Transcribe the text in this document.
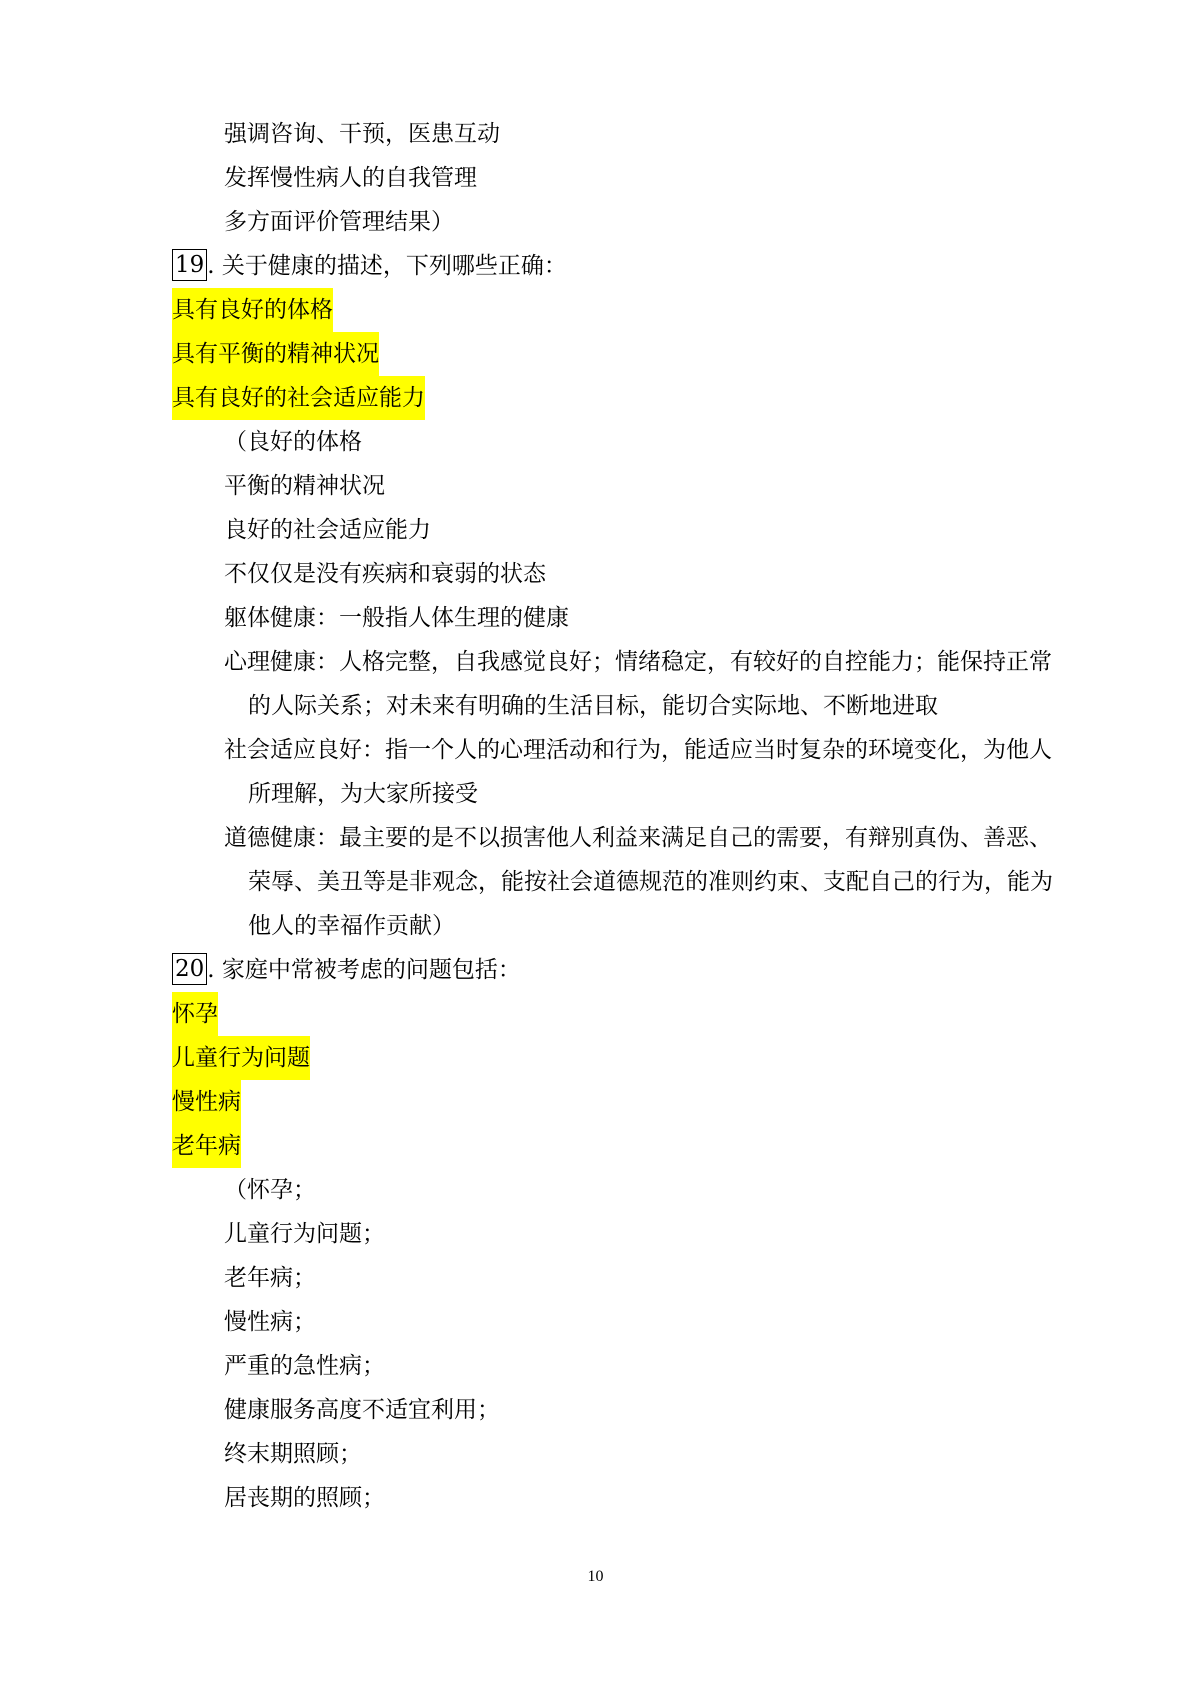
强调咨询、干预，医患互动
发挥慢性病人的自我管理
多方面评价管理结果）
19 . 关于健康的描述，下列哪些正确：
具有良好的体格
具有平衡的精神状况
具有良好的社会适应能力
（良好的体格
平衡的精神状况
良好的社会适应能力
不仅仅是没有疾病和衰弱的状态
躯体健康：一般指人体生理的健康
心理健康：人格完整，自我感觉良好；情绪稳定，有较好的自控能力；能保持正常
的人际关系；对未来有明确的生活目标，能切合实际地、不断地进取
社会适应良好：指一个人的心理活动和行为，能适应当时复杂的环境变化，为他人
所理解，为大家所接受
道德健康：最主要的是不以损害他人利益来满足自己的需要，有辩别真伪、善恶、
荣辱、美丑等是非观念，能按社会道德规范的准则约束、支配自己的行为，能为
他人的幸福作贡献）
20 . 家庭中常被考虑的问题包括：
怀孕
儿童行为问题
慢性病
老年病
（怀孕；
儿童行为问题；
老年病；
慢性病；
严重的急性病；
健康服务高度不适宜利用；
终末期照顾；
居丧期的照顾；
10
